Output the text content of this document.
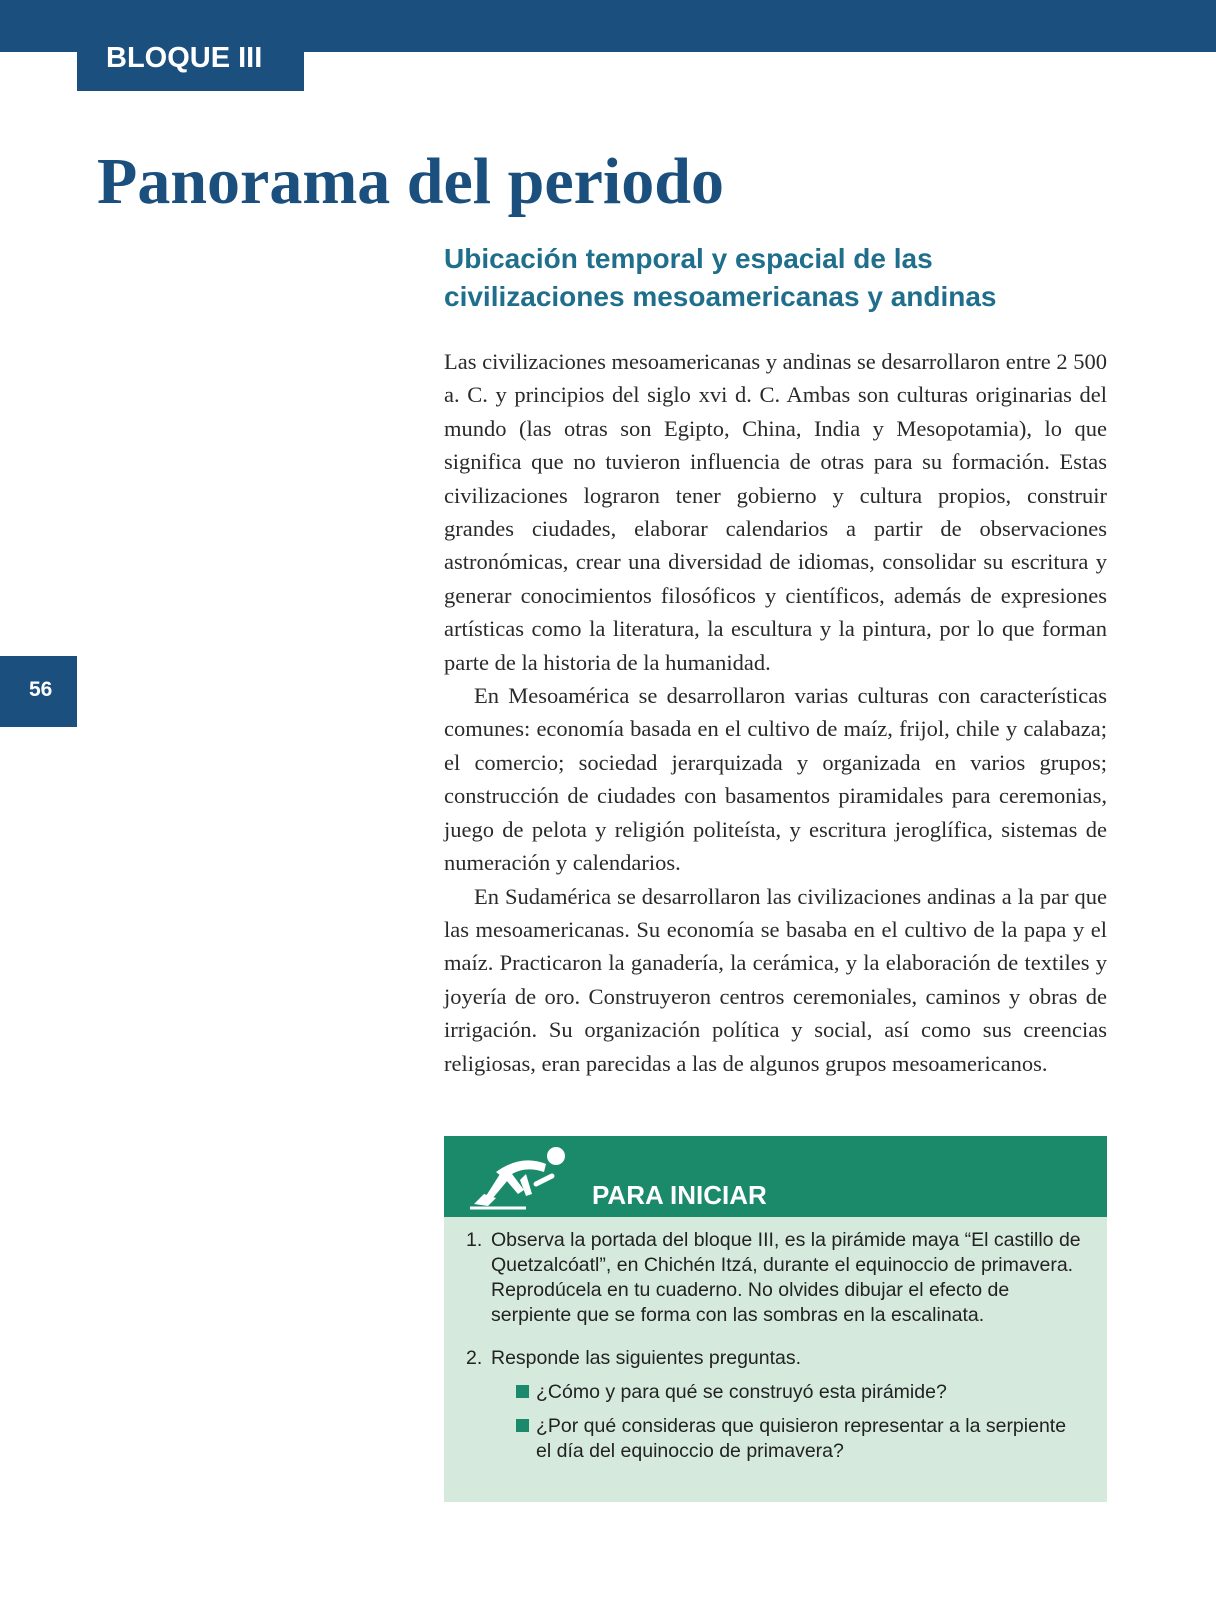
BLOQUE III
56
Panorama del periodo
Ubicación temporal y espacial de las
civilizaciones mesoamericanas y andinas

Las civilizaciones mesoamericanas y andinas se desarrollaron entre 2 500 a. C. y principios del siglo xvi d. C. Ambas son culturas originarias del mundo (las otras son Egipto, China, India y Mesopotamia), lo que significa que no tuvieron influencia de otras para su formación. Estas civilizaciones lograron tener gobierno y cultura propios, construir grandes ciudades, elaborar calendarios a partir de observaciones astronómicas, crear una diversidad de idiomas, consolidar su escritura y generar conocimientos filosóficos y científicos, además de expresiones artísticas como la literatura, la escultura y la pintura, por lo que forman parte de la historia de la humanidad.

En Mesoamérica se desarrollaron varias culturas con características comunes: economía basada en el cultivo de maíz, frijol, chile y calabaza; el comercio; sociedad jerarquizada y organizada en varios grupos; construcción de ciudades con basamentos piramidales para ceremonias, juego de pelota y religión politeísta, y escritura jeroglífica, sistemas de numeración y calendarios.

En Sudamérica se desarrollaron las civilizaciones andinas a la par que las mesoamericanas. Su economía se basaba en el cultivo de la papa y el maíz. Practicaron la ganadería, la cerámica, y la elaboración de textiles y joyería de oro. Construyeron centros ceremoniales, caminos y obras de irrigación. Su organización política y social, así como sus creencias religiosas, eran parecidas a las de algunos grupos mesoamericanos.

PARA INICIAR
1. Observa la portada del bloque III, es la pirámide maya “El castillo de Quetzalcóatl”, en Chichén Itzá, durante el equinoccio de primavera. Reprodúcela en tu cuaderno. No olvides dibujar el efecto de serpiente que se forma con las sombras en la escalinata.
2. Responde las siguientes preguntas.
¿Cómo y para qué se construyó esta pirámide?
¿Por qué consideras que quisieron representar a la serpiente el día del equinoccio de primavera?
